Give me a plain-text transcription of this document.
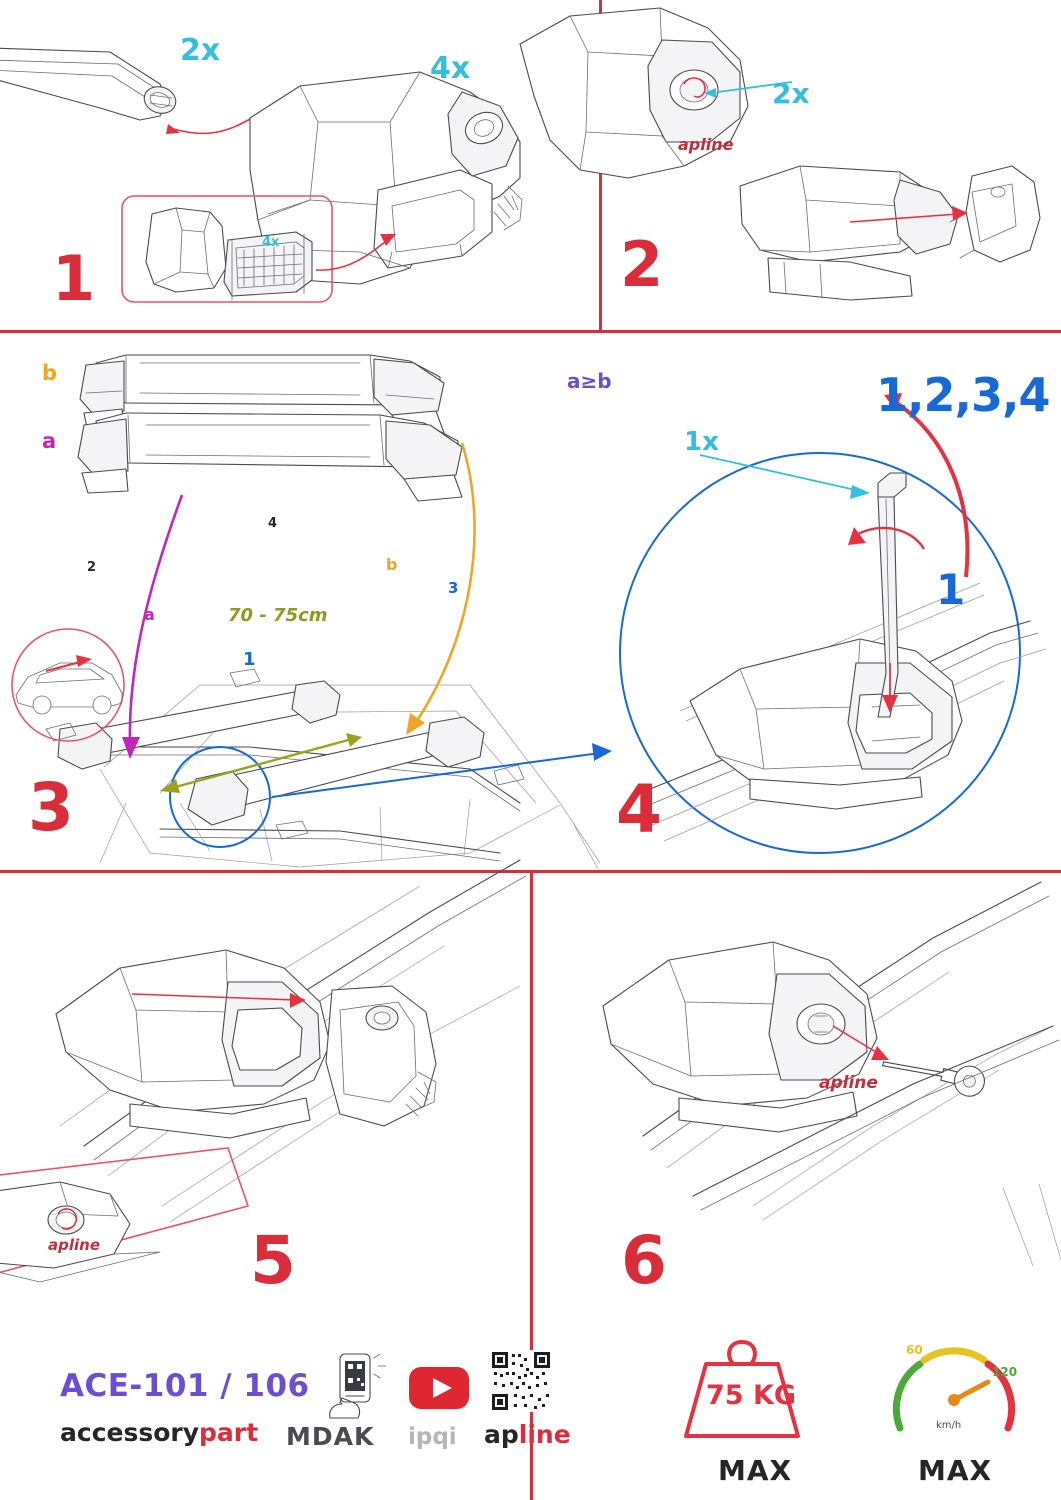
4x
2x
4x
1
apline
2x
2
b
a
a
b
70 - 75cm
1
2
3
4
3
a≥b
1x
1,2,3,4
1
4
apline 5
apline
6
ACE-101 / 106
accessorypart MDAK ipqi apline
75 KG
MAX
60
120
km/h
MAX
